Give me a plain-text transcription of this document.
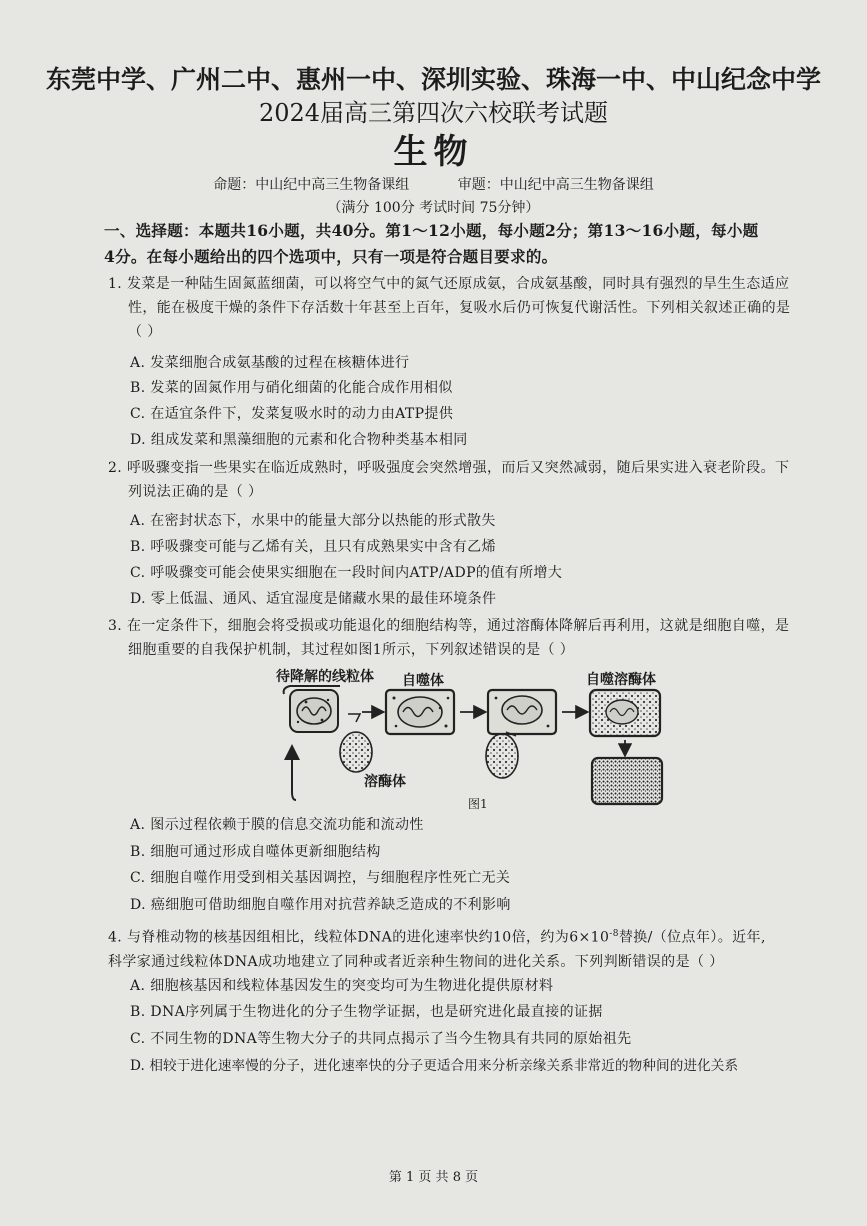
东莞中学、广州二中、惠州一中、深圳实验、珠海一中、中山纪念中学
2024届高三第四次六校联考试题
生物
命题：中山纪中高三生物备课组	审题：中山纪中高三生物备课组
（满分 100分 考试时间 75分钟）
一、选择题：本题共16小题，共40分。第1～12小题，每小题2分；第13～16小题，每小题
4分。在每小题给出的四个选项中，只有一项是符合题目要求的。
1. 发菜是一种陆生固氮蓝细菌，可以将空气中的氮气还原成氨，合成氨基酸，同时具有强烈的旱生生态适应
性，能在极度干燥的条件下存活数十年甚至上百年，复吸水后仍可恢复代谢活性。下列相关叙述正确的是
（ ）
A. 发菜细胞合成氨基酸的过程在核糖体进行
B. 发菜的固氮作用与硝化细菌的化能合成作用相似
C. 在适宜条件下，发菜复吸水时的动力由ATP提供
D. 组成发菜和黑藻细胞的元素和化合物种类基本相同
2. 呼吸骤变指一些果实在临近成熟时，呼吸强度会突然增强，而后又突然减弱，随后果实进入衰老阶段。下
列说法正确的是（ ）
A. 在密封状态下，水果中的能量大部分以热能的形式散失
B. 呼吸骤变可能与乙烯有关，且只有成熟果实中含有乙烯
C. 呼吸骤变可能会使果实细胞在一段时间内ATP/ADP的值有所增大
D. 零上低温、通风、适宜湿度是储藏水果的最佳环境条件
3. 在一定条件下，细胞会将受损或功能退化的细胞结构等，通过溶酶体降解后再利用，这就是细胞自噬，是
细胞重要的自我保护机制，其过程如图1所示，下列叙述错误的是（ ）
待降解的线粒体 自噬体	自噬溶酶体
溶酶体
图1
A. 图示过程依赖于膜的信息交流功能和流动性
B. 细胞可通过形成自噬体更新细胞结构
C. 细胞自噬作用受到相关基因调控，与细胞程序性死亡无关
D. 癌细胞可借助细胞自噬作用对抗营养缺乏造成的不利影响
4. 与脊椎动物的核基因组相比，线粒体DNA的进化速率快约10倍，约为$6\times 10^{-8}$替换/（位点年）。近年,
科学家通过线粒体DNA成功地建立了同种或者近亲种生物间的进化关系。下列判断错误的是（ ）
A. 细胞核基因和线粒体基因发生的突变均可为生物进化提供原材料
B. DNA序列属于生物进化的分子生物学证据，也是研究进化最直接的证据
C. 不同生物的DNA等生物大分子的共同点揭示了当今生物具有共同的原始祖先
D. 相较于进化速率慢的分子，进化速率快的分子更适合用来分析亲缘关系非常近的物种间的进化关系
第 1 页 共 8 页
